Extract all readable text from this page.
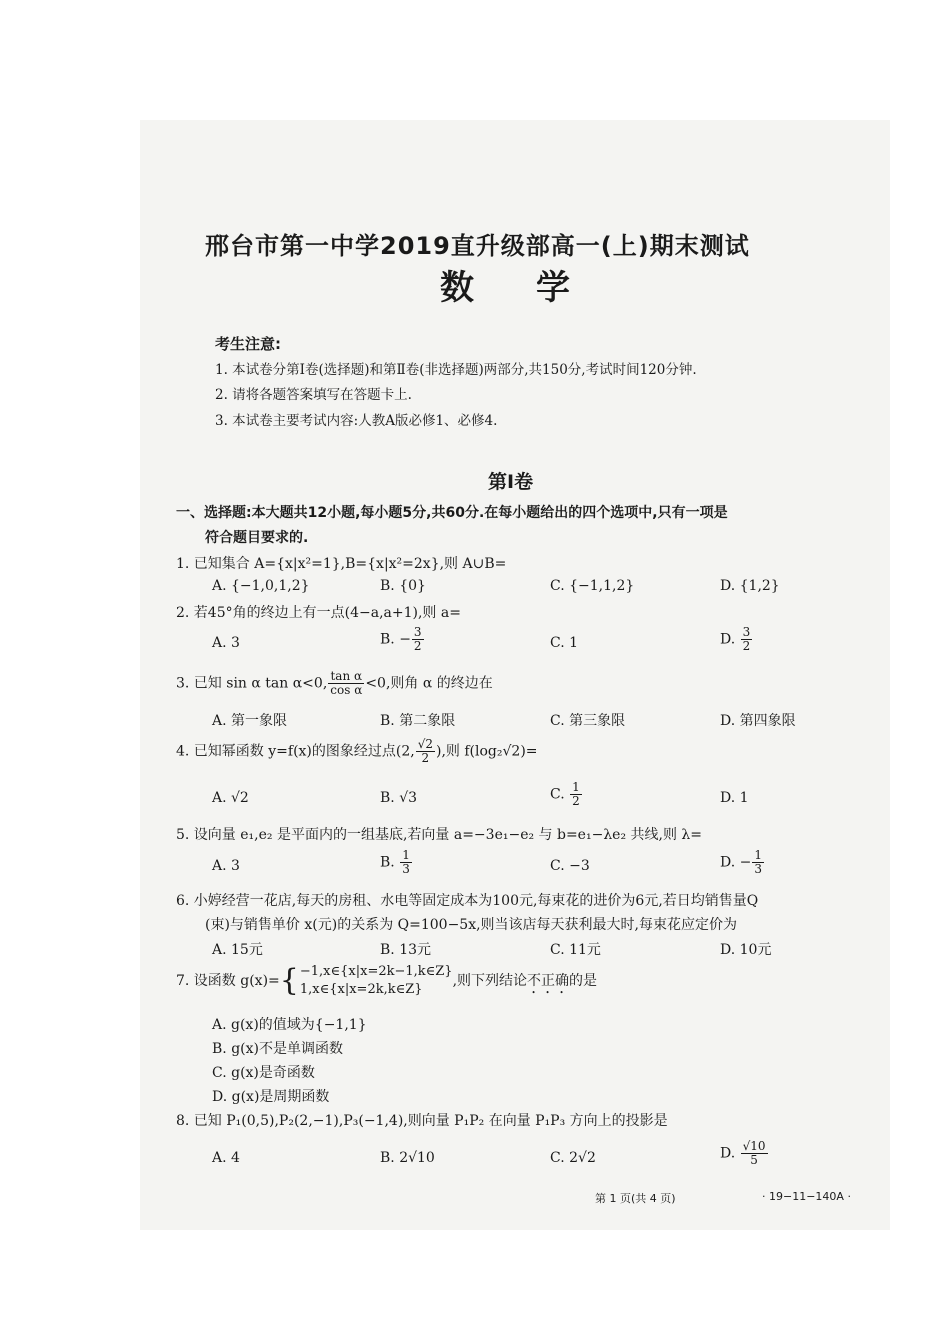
邢台市第一中学2019直升级部高一(上)期末测试
数学
考生注意:
1. 本试卷分第Ⅰ卷(选择题)和第Ⅱ卷(非选择题)两部分,共150分,考试时间120分钟.
2. 请将各题答案填写在答题卡上.
3. 本试卷主要考试内容:人教A版必修1、必修4.
第Ⅰ卷
一、选择题:本大题共12小题,每小题5分,共60分.在每小题给出的四个选项中,只有一项是
符合题目要求的.
1. 已知集合 A={x|x²=1},B={x|x²=2x},则 A∪B=
A. {−1,0,1,2}	B. {0}	C. {−1,1,2}	D. {1,2}
2. 若45°角的终边上有一点(4−a,a+1),则 a=
A. 3	B. − $\frac{3}{2}$	C. 1	D. $\frac{3}{2}$
3. 已知 sin α tan α<0, $\frac{\text{tan α}}{\text{cos α}} <0$,则角 α 的终边在
A. 第一象限	B. 第二象限	C. 第三象限	D. 第四象限
4. 已知幂函数 y=f(x)的图象经过点(2, $\frac{√2}{2}$ ),则 f(log₂√2)=
A. √2	B. √3	C. $\frac{1}{2}$	D. 1
5. 设向量 e₁,e₂ 是平面内的一组基底,若向量 a=−3e₁−e₂ 与 b=e₁−λe₂ 共线,则 λ=
A. 3	B. $\frac{1}{3}$	C. −3	D. − $\frac{1}{3}$
6. 小婷经营一花店,每天的房租、水电等固定成本为100元,每束花的进价为6元,若日均销售量Q
(束)与销售单价 x(元)的关系为 Q=100−5x,则当该店每天获利最大时,每束花应定价为
A. 15元	B. 13元	C. 11元	D. 10元
7. 设函数 g(x)={ −1,x∈{x|x=2k−1,k∈Z}
1,x∈{x|x=2k,k∈Z}
,则下列结论不正确的是
A. g(x)的值域为{−1,1}
B. g(x)不是单调函数
C. g(x)是奇函数
D. g(x)是周期函数
8. 已知 P₁(0,5),P₂(2,−1),P₃(−1,4),则向量 P₁P₂ 在向量 P₁P₃ 方向上的投影是
A. 4	B. 2√10	C. 2√2	D. $\frac{√10}{5}$
第 1 页(共 4 页)	· 19−11−140A ·
